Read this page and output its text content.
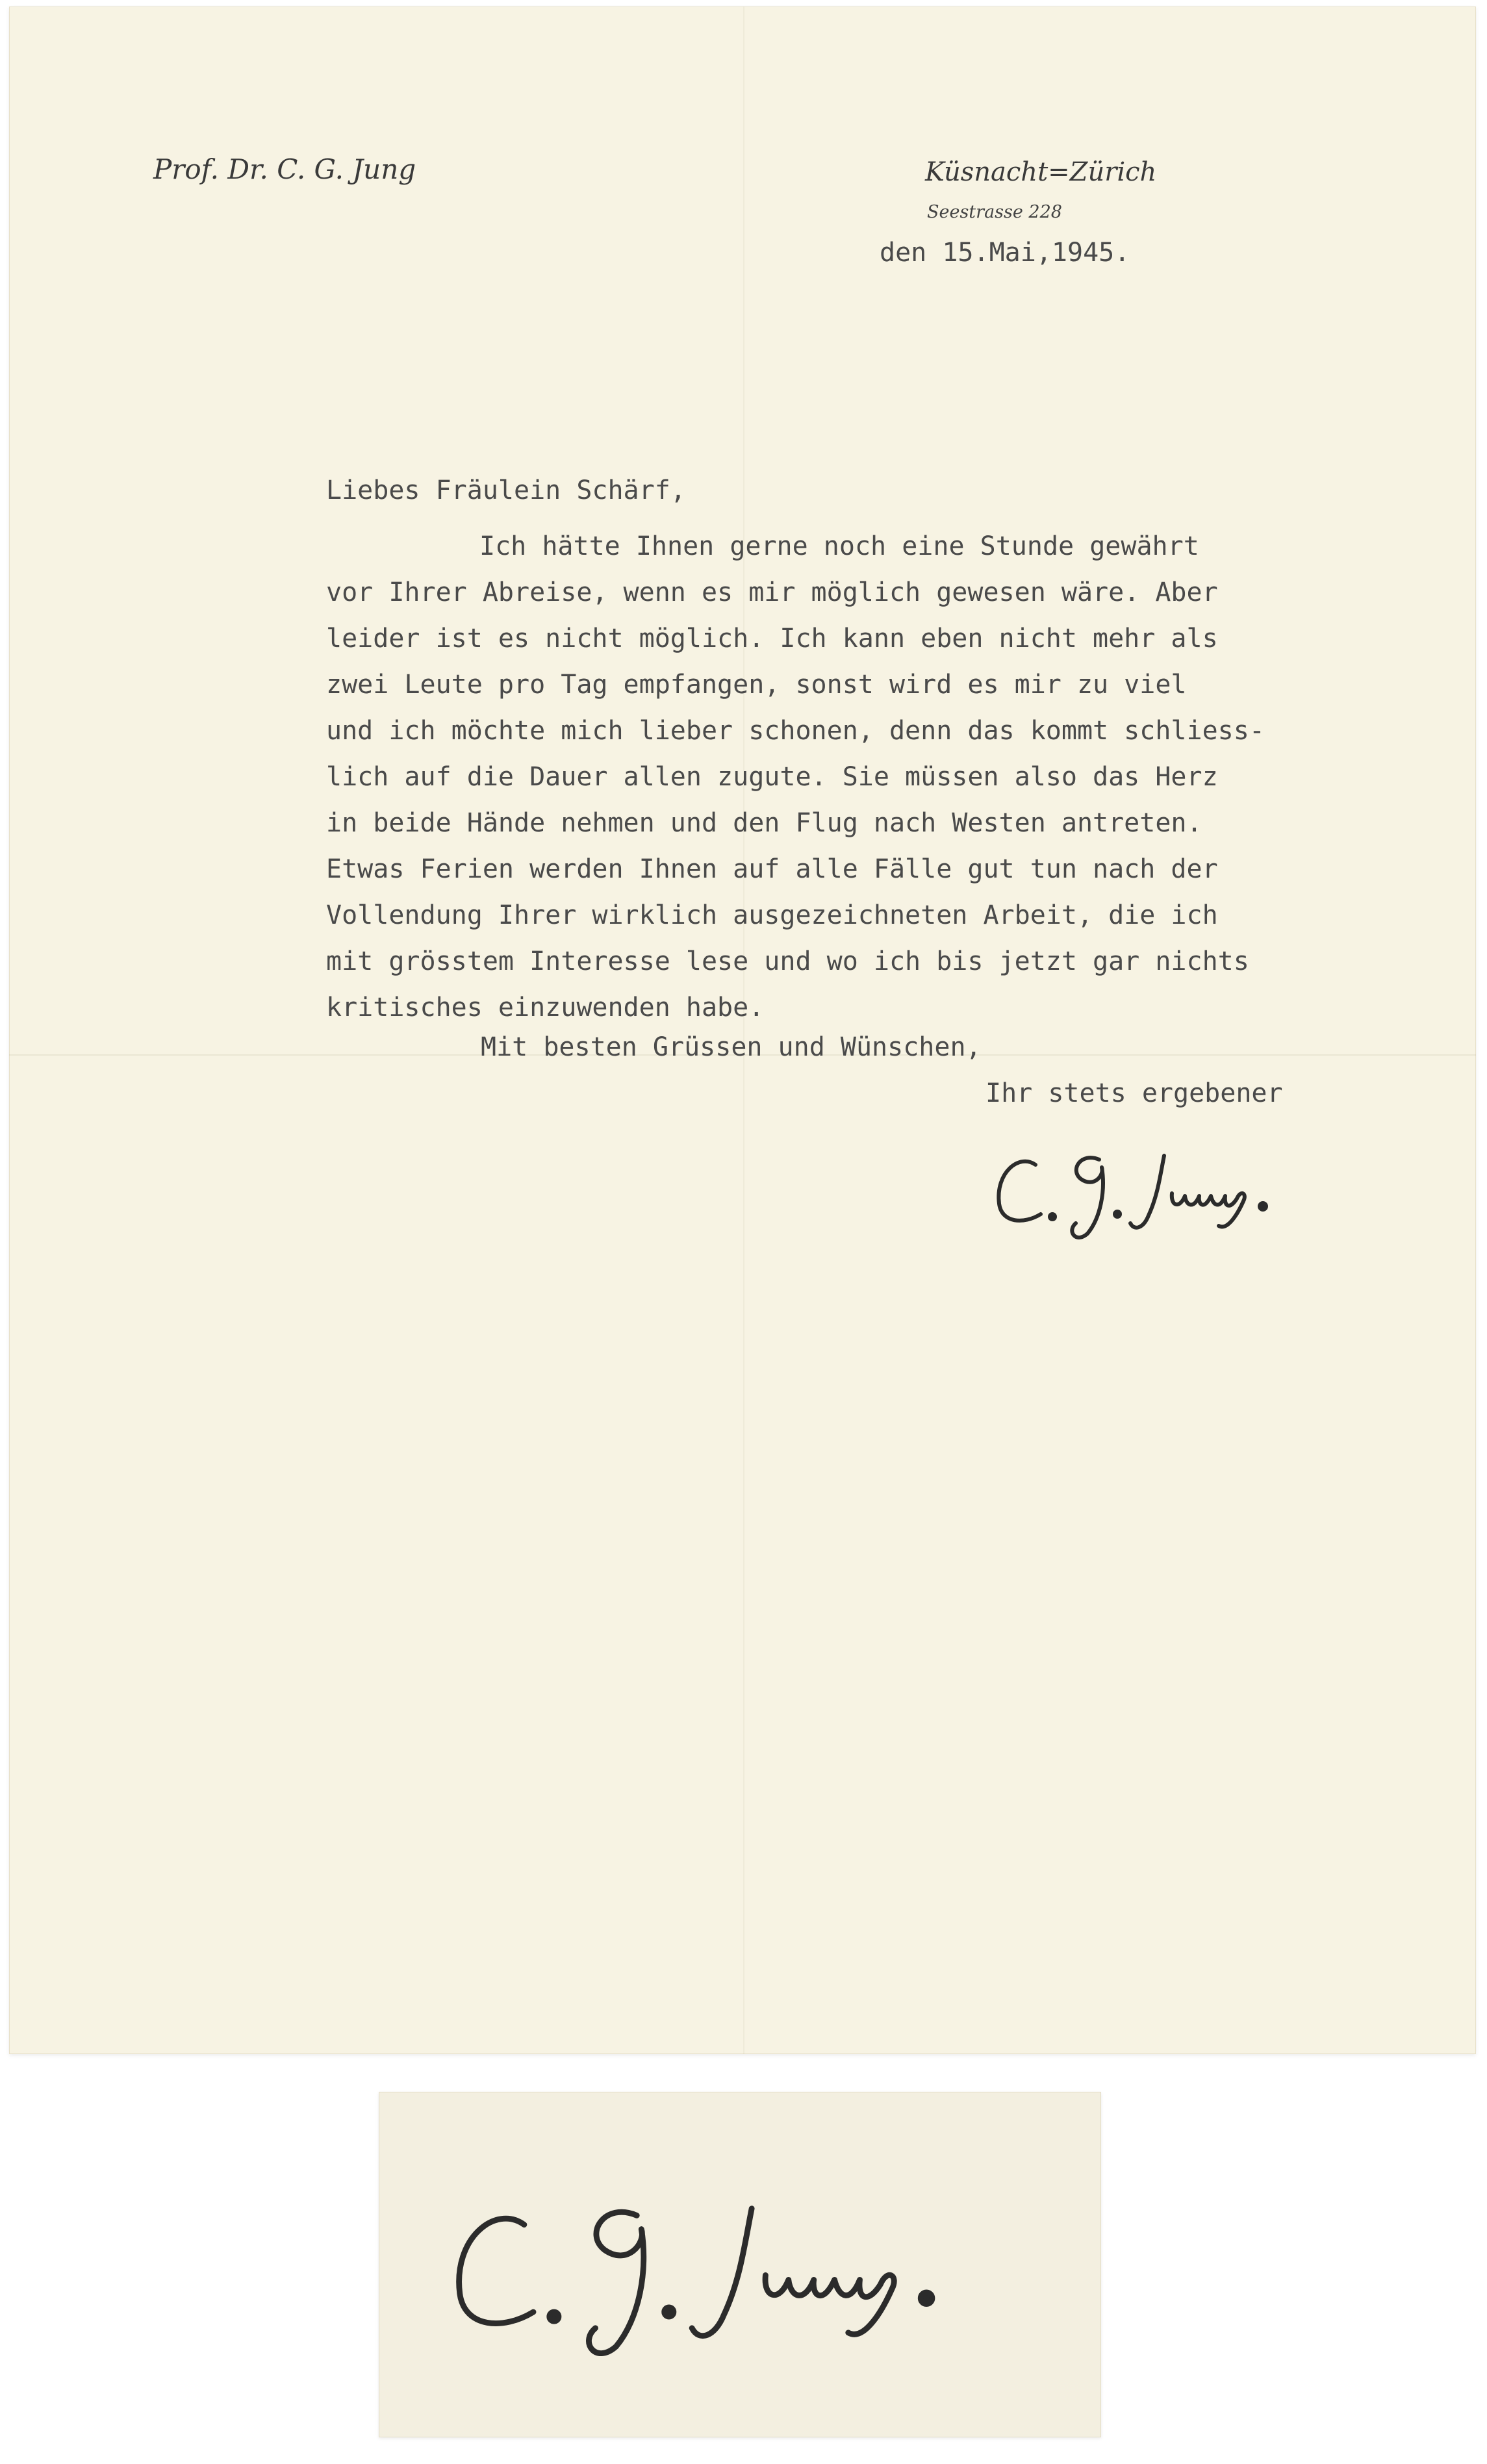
Prof. Dr. C. G. Jung	Küsnacht=Zürich
Seestrasse 228
den 15.Mai,1945.
Liebes Fräulein Schärf,
Ich hätte Ihnen gerne noch eine Stunde gewährt
vor Ihrer Abreise, wenn es mir möglich gewesen wäre. Aber
leider ist es nicht möglich. Ich kann eben nicht mehr als
zwei Leute pro Tag empfangen, sonst wird es mir zu viel
und ich möchte mich lieber schonen, denn das kommt schliess-
lich auf die Dauer allen zugute. Sie müssen also das Herz
in beide Hände nehmen und den Flug nach Westen antreten.
Etwas Ferien werden Ihnen auf alle Fälle gut tun nach der
Vollendung Ihrer wirklich ausgezeichneten Arbeit, die ich
mit grösstem Interesse lese und wo ich bis jetzt gar nichts
kritisches einzuwenden habe.
Mit besten Grüssen und Wünschen,
Ihr stets ergebener
